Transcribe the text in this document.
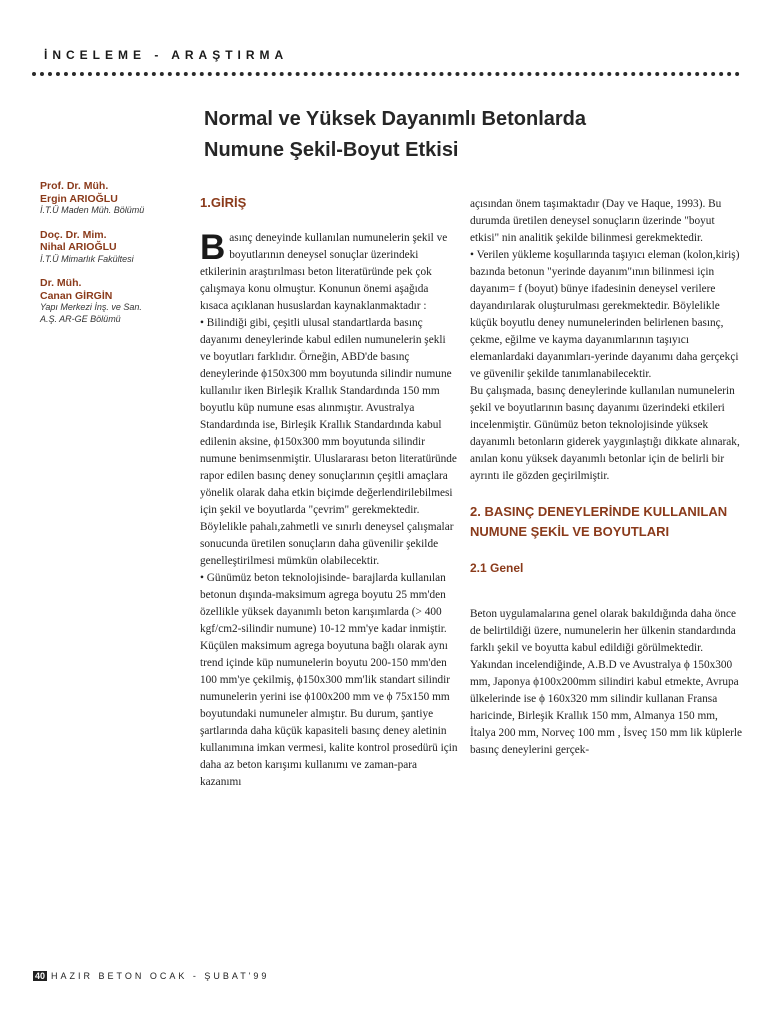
İNCELEME - ARAŞTIRMA
Normal ve Yüksek Dayanımlı Betonlarda
Numune Şekil-Boyut Etkisi
Prof. Dr. Müh.
Ergin ARIOĞLU
İ.T.Ü Maden Müh. Bölümü
Doç. Dr. Mim.
Nihal ARIOĞLU
İ.T.Ü Mimarlık Fakültesi
Dr. Müh.
Canan GİRGİN
Yapı Merkezi İnş. ve San.
A.Ş. AR-GE Bölümü
1.GİRİŞ

Basınç deneyinde kullanılan numunelerin şekil ve boyutlarının deneysel sonuçlar üzerindeki etkilerinin araştırılması beton literatüründe pek çok çalışmaya konu olmuştur. Konunun önemi aşağıda kısaca açıklanan hususlardan kaynaklanmaktadır :

• Bilindiği gibi, çeşitli ulusal standartlarda basınç dayanımı deneylerinde kabul edilen numunelerin şekli ve boyutları farklıdır. Örneğin, ABD'de basınç deneylerinde ϕ150x300 mm boyutunda silindir numune kullanılır iken Birleşik Krallık Standardında 150 mm boyutlu küp numune esas alınmıştır. Avustralya Standardında ise, Birleşik Krallık Standardında kabul edilenin aksine, ϕ150x300 mm boyutunda silindir numune benimsenmiştir. Uluslararası beton literatüründe rapor edilen basınç deney sonuçlarının çeşitli amaçlara yönelik olarak daha etkin biçimde değerlendirilebilmesi için şekil ve boyutlarda "çevrim" gerekmektedir. Böylelikle pahalı,zahmetli ve sınırlı deneysel çalışmalar sonucunda üretilen sonuçların daha güvenilir şekilde genelleştirilmesi mümkün olabilecektir.

• Günümüz beton teknolojisinde- barajlarda kullanılan betonun dışında-maksimum agrega boyutu 25 mm'den özellikle yüksek dayanımlı beton karışımlarda (> 400 kgf/cm2-silindir numune) 10-12 mm'ye kadar inmiştir. Küçülen maksimum agrega boyutuna bağlı olarak aynı trend içinde küp numunelerin boyutu 200-150 mm'den 100 mm'ye çekilmiş, ϕ150x300 mm'lik standart silindir numunelerin yerini ise ϕ100x200 mm ve ϕ 75x150 mm boyutundaki numuneler almıştır. Bu durum, şantiye şartlarında daha küçük kapasiteli basınç deney aletinin kullanımına imkan vermesi, kalite kontrol prosedürü için daha az beton karışımı kullanımı ve zaman-para kazanımı

açısından önem taşımaktadır (Day ve Haque, 1993). Bu durumda üretilen deneysel sonuçların üzerinde "boyut etkisi" nin analitik şekilde bilinmesi gerekmektedir.

• Verilen yükleme koşullarında taşıyıcı eleman (kolon,kiriş) bazında betonun "yerinde dayanım"ının bilinmesi için dayanım= f (boyut) bünye ifadesinin deneysel verilere dayandırılarak oluşturulması gerekmektedir. Böylelikle küçük boyutlu deney numunelerinden belirlenen basınç, çekme, eğilme ve kayma dayanımlarının taşıyıcı elemanlardaki dayanımları-yerinde dayanımı daha gerçekçi ve güvenilir şekilde tanımlanabilecektir.

Bu çalışmada, basınç deneylerinde kullanılan numunelerin şekil ve boyutlarının basınç dayanımı üzerindeki etkileri incelenmiştir. Günümüz beton teknolojisinde yüksek dayanımlı betonların giderek yaygınlaştığı dikkate alınarak, anılan konu yüksek dayanımlı betonlar için de belirli bir ayrıntı ile gözden geçirilmiştir.

2. BASINÇ DENEYLERİNDE KULLANILAN NUMUNE ŞEKİL VE BOYUTLARI
2.1 Genel

Beton uygulamalarına genel olarak bakıldığında daha önce de belirtildiği üzere, numunelerin her ülkenin standardında farklı şekil ve boyutta kabul edildiği görülmektedir. Yakından incelendiğinde, A.B.D ve Avustralya ϕ 150x300 mm, Japonya ϕ100x200mm silindiri kabul etmekte, Avrupa ülkelerinde ise ϕ 160x320 mm silindir kullanan Fransa haricinde, Birleşik Krallık 150 mm, Almanya 150 mm, İtalya 200 mm, Norveç 100 mm , İsveç 150 mm lik küplerle basınç deneylerini gerçek-

40 HAZIR BETON OCAK - ŞUBAT'99
